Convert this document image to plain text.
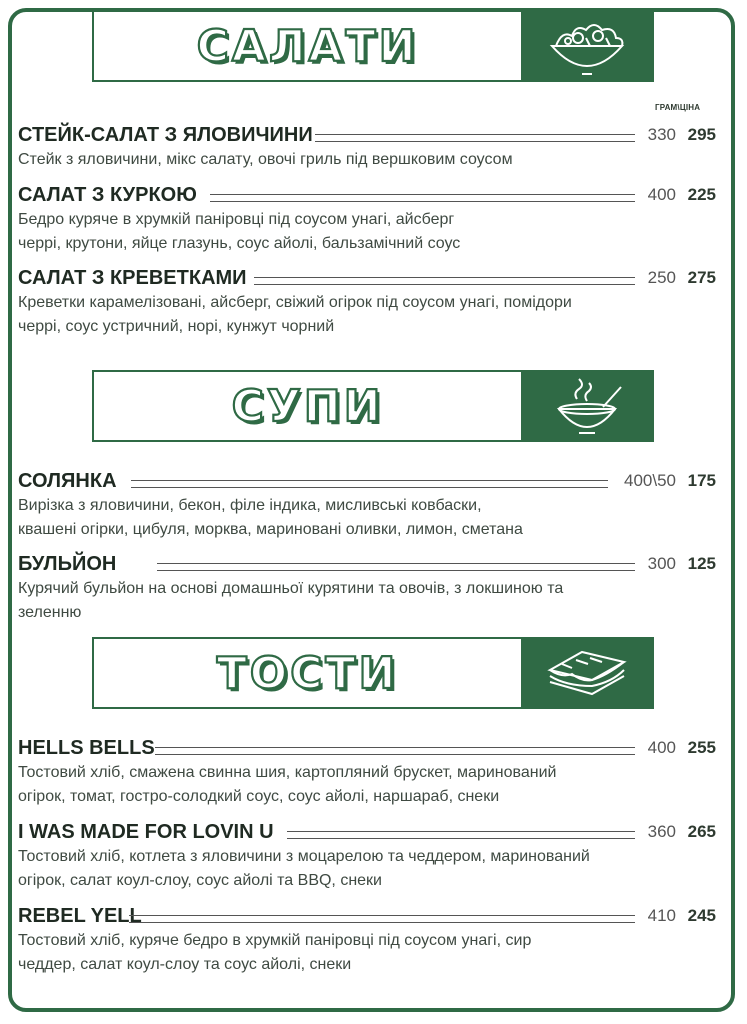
САЛАТИ
ГРАМ\ЦІНА
СТЕЙК-САЛАТ З ЯЛОВИЧИНИ	330 295
Стейк з яловичини, мікс салату, овочі гриль під вершковим соусом
САЛАТ З КУРКОЮ	400 225
Бедро куряче в хрумкій паніровці під соусом унагі, айсберг
черрі, крутони, яйце глазунь, соус айолі, бальзамічний соус
САЛАТ З КРЕВЕТКАМИ	250 275
Креветки карамелізовані, айсберг, свіжий огірок під соусом унагі, помідори
черрі, соус устричний, норі, кунжут чорний
СУПИ
СОЛЯНКА	400\50 175
Вирізка з яловичини, бекон, філе індика, мисливські ковбаски,
квашені огірки, цибуля, морква, мариновані оливки, лимон, сметана
БУЛЬЙОН	300 125
Курячий бульйон на основі домашньої курятини та овочів, з локшиною та
зеленню
ТОСТИ
HELLS BELLS	400 255
Тостовий хліб, смажена свинна шия, картопляний брускет, маринований
огірок, томат, гостро-солодкий соус, соус айолі, наршараб, снеки
I WAS MADE FOR LOVIN U	360 265
Тостовий хліб, котлета з яловичини з моцарелою та чеддером, маринований
огірок, салат коул-слоу, соус айолі та BBQ, снеки
REBEL YELL	410 245
Тостовий хліб, куряче бедро в хрумкій паніровці під соусом унагі, сир
чеддер, салат коул-слоу та соус айолі, снеки
